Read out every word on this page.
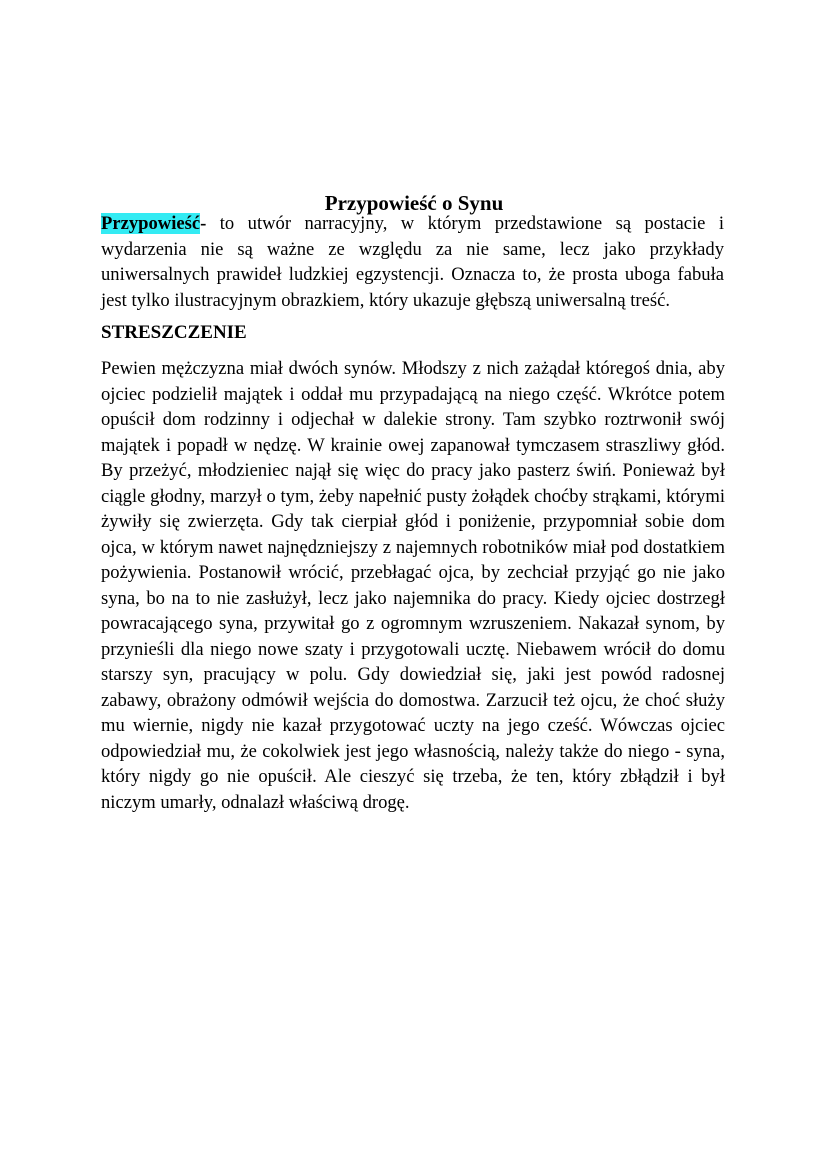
Przypowieść o Synu

Przypowieść- to utwór narracyjny, w którym przedstawione są postacie i wydarzenia nie są ważne ze względu za nie same, lecz jako przykłady uniwersalnych prawideł ludzkiej egzystencji. Oznacza to, że prosta uboga fabuła jest tylko ilustracyjnym obrazkiem, który ukazuje głębszą uniwersalną treść.

STRESZCZENIE

Pewien mężczyzna miał dwóch synów. Młodszy z nich zażądał któregoś dnia, aby ojciec podzielił majątek i oddał mu przypadającą na niego część. Wkrótce potem opuścił dom rodzinny i odjechał w dalekie strony. Tam szybko roztrwonił swój majątek i popadł w nędzę. W krainie owej zapanował tymczasem straszliwy głód. By przeżyć, młodzieniec najął się więc do pracy jako pasterz świń. Ponieważ był ciągle głodny, marzył o tym, żeby napełnić pusty żołądek choćby strąkami, którymi żywiły się zwierzęta. Gdy tak cierpiał głód i poniżenie, przypomniał sobie dom ojca, w którym nawet najnędzniejszy z najemnych robotników miał pod dostatkiem pożywienia. Postanowił wrócić, przebłagać ojca, by zechciał przyjąć go nie jako syna, bo na to nie zasłużył, lecz jako najemnika do pracy. Kiedy ojciec dostrzegł powracającego syna, przywitał go z ogromnym wzruszeniem. Nakazał synom, by przynieśli dla niego nowe szaty i przygotowali ucztę. Niebawem wrócił do domu starszy syn, pracujący w polu. Gdy dowiedział się, jaki jest powód radosnej zabawy, obrażony odmówił wejścia do domostwa. Zarzucił też ojcu, że choć służy mu wiernie, nigdy nie kazał przygotować uczty na jego cześć. Wówczas ojciec odpowiedział mu, że cokolwiek jest jego własnością, należy także do niego - syna, który nigdy go nie opuścił. Ale cieszyć się trzeba, że ten, który zbłądził i był niczym umarły, odnalazł właściwą drogę.
